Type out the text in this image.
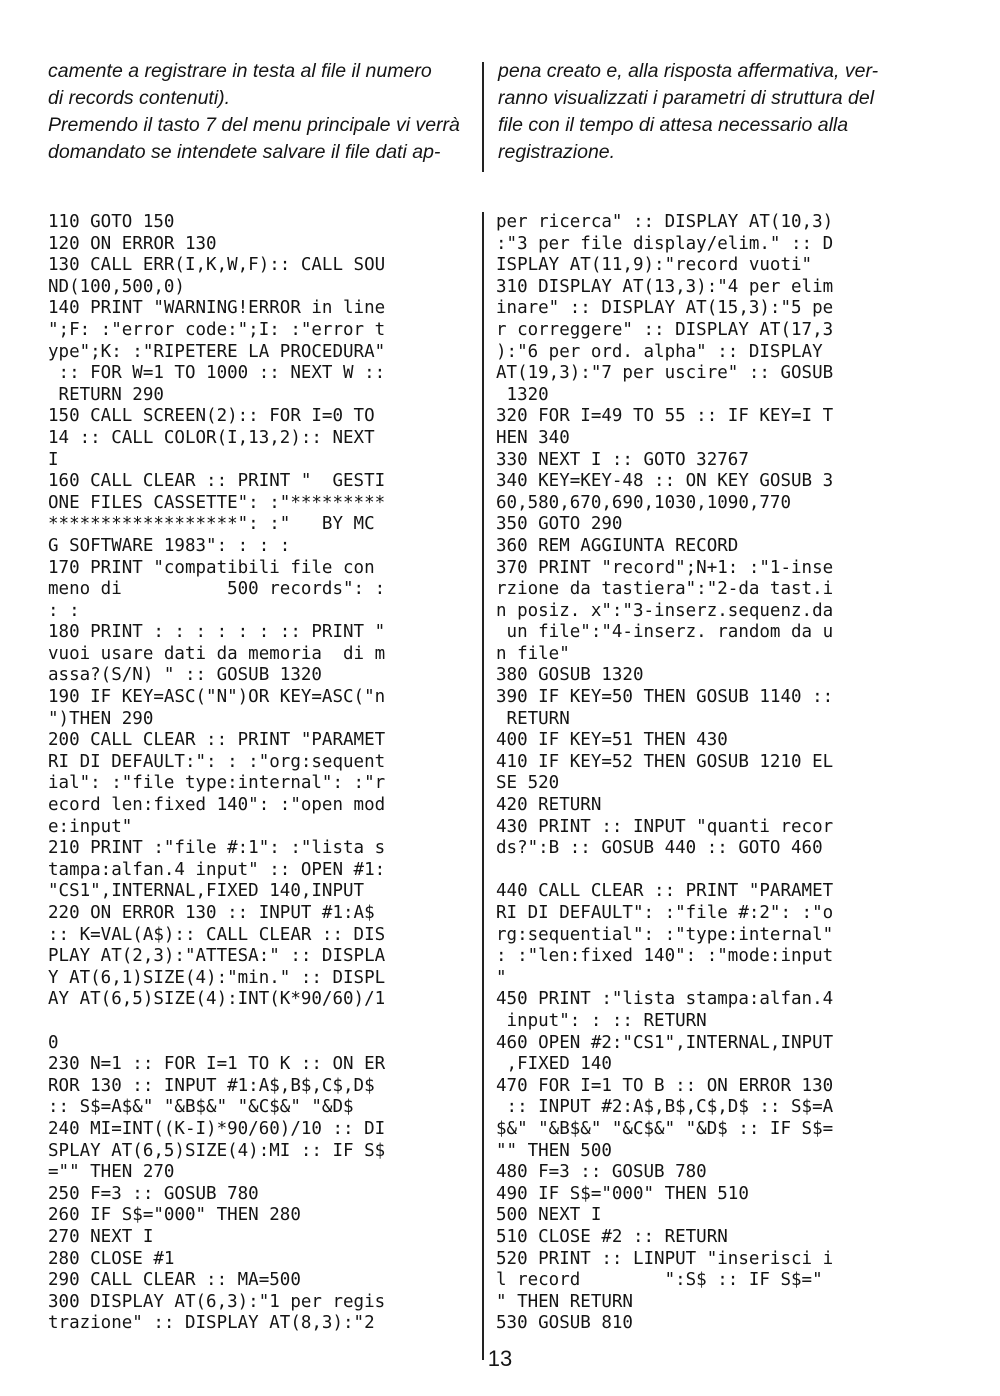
camente a registrare in testa al file il numero

di records contenuti).

Premendo il tasto 7 del menu principale vi verrà

domandato se intendete salvare il file dati ap-

pena creato e, alla risposta affermativa, ver-

ranno visualizzati i parametri di struttura del

file con il tempo di attesa necessario alla

registrazione.

110 GOTO 150
120 ON ERROR 130
130 CALL ERR(I,K,W,F):: CALL SOU
ND(100,500,0)
140 PRINT "WARNING!ERROR in line
";F: :"error code:";I: :"error t
ype";K: :"RIPETERE LA PROCEDURA"
:: FOR W=1 TO 1000 :: NEXT W ::
RETURN 290
150 CALL SCREEN(2):: FOR I=0 TO
14 :: CALL COLOR(I,13,2):: NEXT
I
160 CALL CLEAR :: PRINT "  GESTI
ONE FILES CASSETTE": :"*********
******************": :"   BY MC
G SOFTWARE 1983": : : :
170 PRINT "compatibili file con
meno di          500 records": :
: :
180 PRINT : : : : : : :: PRINT "
vuoi usare dati da memoria  di m
assa?(S/N) " :: GOSUB 1320
190 IF KEY=ASC("N")OR KEY=ASC("n
")THEN 290
200 CALL CLEAR :: PRINT "PARAMET
RI DI DEFAULT:": : :"org:sequent
ial": :"file type:internal": :"r
ecord len:fixed 140": :"open mod
e:input"
210 PRINT :"file #:1": :"lista s
tampa:alfan.4 input" :: OPEN #1:
"CS1",INTERNAL,FIXED 140,INPUT
220 ON ERROR 130 :: INPUT #1:A$
:: K=VAL(A$):: CALL CLEAR :: DIS
PLAY AT(2,3):"ATTESA:" :: DISPLA
Y AT(6,1)SIZE(4):"min." :: DISPL
AY AT(6,5)SIZE(4):INT(K*90/60)/1
0
230 N=1 :: FOR I=1 TO K :: ON ER
ROR 130 :: INPUT #1:A$,B$,C$,D$
:: S$=A$&" "&B$&" "&C$&" "&D$
240 MI=INT((K-I)*90/60)/10 :: DI
SPLAY AT(6,5)SIZE(4):MI :: IF S$
="" THEN 270
250 F=3 :: GOSUB 780
260 IF S$="000" THEN 280
270 NEXT I
280 CLOSE #1
290 CALL CLEAR :: MA=500
300 DISPLAY AT(6,3):"1 per regis
trazione" :: DISPLAY AT(8,3):"2
per ricerca" :: DISPLAY AT(10,3)
:"3 per file display/elim." :: D
ISPLAY AT(11,9):"record vuoti"
310 DISPLAY AT(13,3):"4 per elim
inare" :: DISPLAY AT(15,3):"5 pe
r correggere" :: DISPLAY AT(17,3
):"6 per ord. alpha" :: DISPLAY
AT(19,3):"7 per uscire" :: GOSUB
1320
320 FOR I=49 TO 55 :: IF KEY=I T
HEN 340
330 NEXT I :: GOTO 32767
340 KEY=KEY-48 :: ON KEY GOSUB 3
60,580,670,690,1030,1090,770
350 GOTO 290
360 REM AGGIUNTA RECORD
370 PRINT "record";N+1: :"1-inse
rzione da tastiera":"2-da tast.i
n posiz. x":"3-inserz.sequenz.da
un file":"4-inserz. random da u
n file"
380 GOSUB 1320
390 IF KEY=50 THEN GOSUB 1140 ::
RETURN
400 IF KEY=51 THEN 430
410 IF KEY=52 THEN GOSUB 1210 EL
SE 520
420 RETURN
430 PRINT :: INPUT "quanti recor
ds?":B :: GOSUB 440 :: GOTO 460
440 CALL CLEAR :: PRINT "PARAMET
RI DI DEFAULT": :"file #:2": :"o
rg:sequential": :"type:internal"
: :"len:fixed 140": :"mode:input
"
450 PRINT :"lista stampa:alfan.4
input": : :: RETURN
460 OPEN #2:"CS1",INTERNAL,INPUT
,FIXED 140
470 FOR I=1 TO B :: ON ERROR 130
:: INPUT #2:A$,B$,C$,D$ :: S$=A
$&" "&B$&" "&C$&" "&D$ :: IF S$=
"" THEN 500
480 F=3 :: GOSUB 780
490 IF S$="000" THEN 510
500 NEXT I
510 CLOSE #2 :: RETURN
520 PRINT :: LINPUT "inserisci i
l record        ":S$ :: IF S$="
" THEN RETURN
530 GOSUB 810
13
